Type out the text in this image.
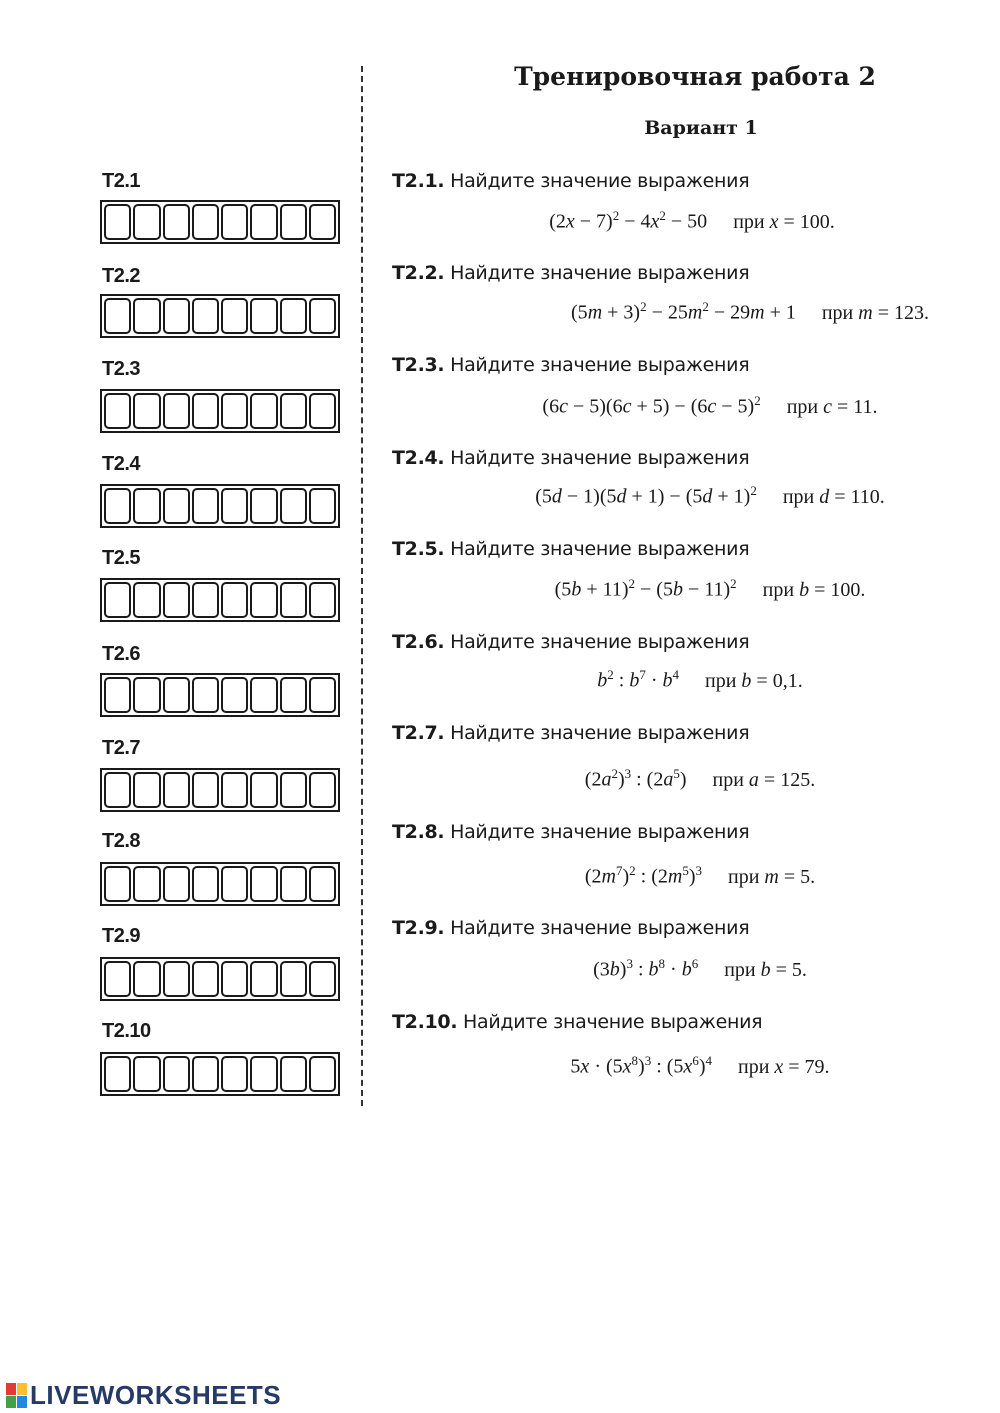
Тренировочная работа 2
Вариант 1
T2.1
T2.2
T2.3
T2.4
T2.5
T2.6
T2.7
T2.8
T2.9
T2.10
T2.1. Найдите значение выражения
$(2x - 7)^2 - 4x^2 - 50$ при x = 100.
T2.2. Найдите значение выражения
$(5m + 3)^2 - 25m^2 - 29m + 1$ при m = 123.
T2.3. Найдите значение выражения
$(6c - 5)(6c + 5) - (6c - 5)^2$ при c = 11.
T2.4. Найдите значение выражения
$(5d - 1)(5d + 1) - (5d + 1)^2$ при d = 110.
T2.5. Найдите значение выражения
$(5b + 11)^2 - (5b - 11)^2$ при b = 100.
T2.6. Найдите значение выражения
$b^2$ : $b^7 \cdot b^4$ при b = 0,1.
T2.7. Найдите значение выражения
$(2a^2)^3$ : $(2a^5)$ при a = 125.
T2.8. Найдите значение выражения
$(2m^7)^2$ : $(2m^5)^3$ при m = 5.
T2.9. Найдите значение выражения
$(3b)^3$ : $b^8 \cdot b^6$ при b = 5.
T2.10. Найдите значение выражения
$5x \cdot (5x^8)^3$ : $(5x^6)^4$ при x = 79.
LIVEWORKSHEETS
